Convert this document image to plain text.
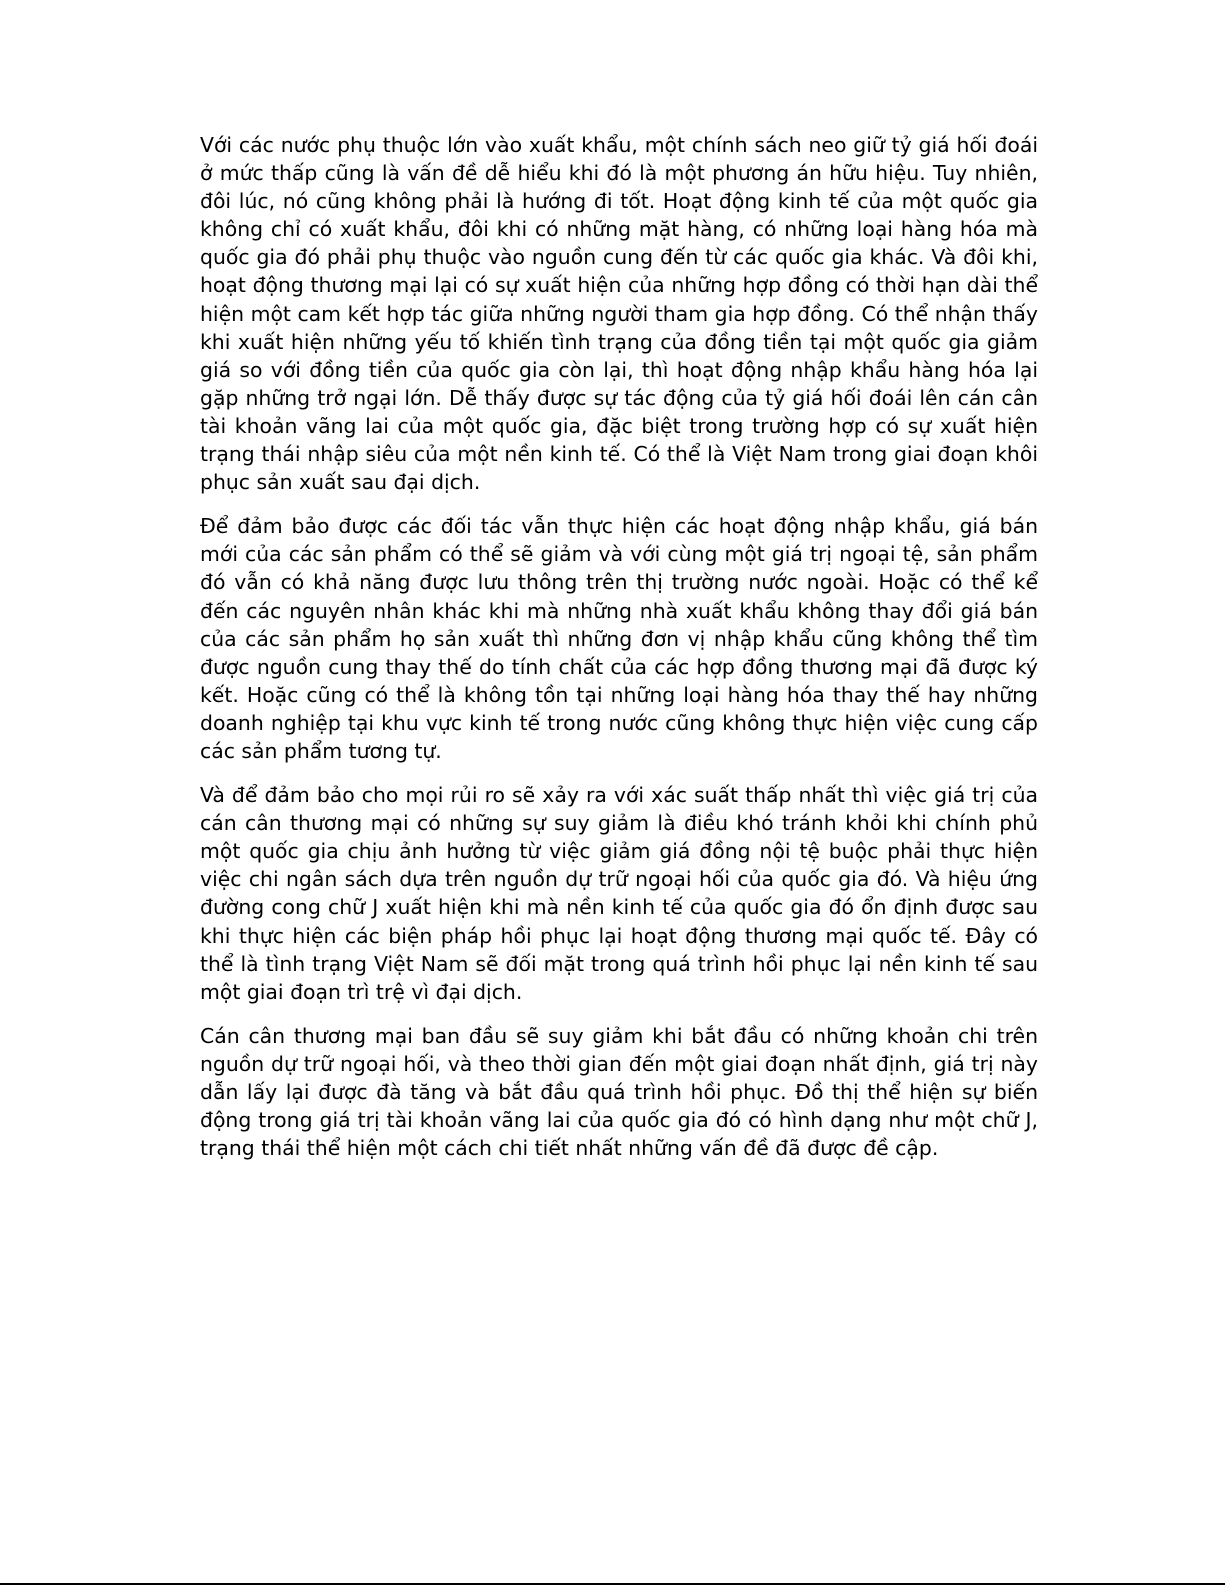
Với các nước phụ thuộc lớn vào xuất khẩu, một chính sách neo giữ tỷ giá hối đoái ở mức thấp cũng là vấn đề dễ hiểu khi đó là một phương án hữu hiệu. Tuy nhiên, đôi lúc, nó cũng không phải là hướng đi tốt. Hoạt động kinh tế của một quốc gia không chỉ có xuất khẩu, đôi khi có những mặt hàng, có những loại hàng hóa mà quốc gia đó phải phụ thuộc vào nguồn cung đến từ các quốc gia khác. Và đôi khi, hoạt động thương mại lại có sự xuất hiện của những hợp đồng có thời hạn dài thể hiện một cam kết hợp tác giữa những người tham gia hợp đồng. Có thể nhận thấy khi xuất hiện những yếu tố khiến tình trạng của đồng tiền tại một quốc gia giảm giá so với đồng tiền của quốc gia còn lại, thì hoạt động nhập khẩu hàng hóa lại gặp những trở ngại lớn. Dễ thấy được sự tác động của tỷ giá hối đoái lên cán cân tài khoản vãng lai của một quốc gia, đặc biệt trong trường hợp có sự xuất hiện trạng thái nhập siêu của một nền kinh tế. Có thể là Việt Nam trong giai đoạn khôi phục sản xuất sau đại dịch.

Để đảm bảo được các đối tác vẫn thực hiện các hoạt động nhập khẩu, giá bán mới của các sản phẩm có thể sẽ giảm và với cùng một giá trị ngoại tệ, sản phẩm đó vẫn có khả năng được lưu thông trên thị trường nước ngoài. Hoặc có thể kể đến các nguyên nhân khác khi mà những nhà xuất khẩu không thay đổi giá bán của các sản phẩm họ sản xuất thì những đơn vị nhập khẩu cũng không thể tìm được nguồn cung thay thế do tính chất của các hợp đồng thương mại đã được ký kết. Hoặc cũng có thể là không tồn tại những loại hàng hóa thay thế hay những doanh nghiệp tại khu vực kinh tế trong nước cũng không thực hiện việc cung cấp các sản phẩm tương tự.

Và để đảm bảo cho mọi rủi ro sẽ xảy ra với xác suất thấp nhất thì việc giá trị của cán cân thương mại có những sự suy giảm là điều khó tránh khỏi khi chính phủ một quốc gia chịu ảnh hưởng từ việc giảm giá đồng nội tệ buộc phải thực hiện việc chi ngân sách dựa trên nguồn dự trữ ngoại hối của quốc gia đó. Và hiệu ứng đường cong chữ J xuất hiện khi mà nền kinh tế của quốc gia đó ổn định được sau khi thực hiện các biện pháp hồi phục lại hoạt động thương mại quốc tế. Đây có thể là tình trạng Việt Nam sẽ đối mặt trong quá trình hồi phục lại nền kinh tế sau một giai đoạn trì trệ vì đại dịch.

Cán cân thương mại ban đầu sẽ suy giảm khi bắt đầu có những khoản chi trên nguồn dự trữ ngoại hối, và theo thời gian đến một giai đoạn nhất định, giá trị này dẫn lấy lại được đà tăng và bắt đầu quá trình hồi phục. Đồ thị thể hiện sự biến động trong giá trị tài khoản vãng lai của quốc gia đó có hình dạng như một chữ J, trạng thái thể hiện một cách chi tiết nhất những vấn đề đã được đề cập.
